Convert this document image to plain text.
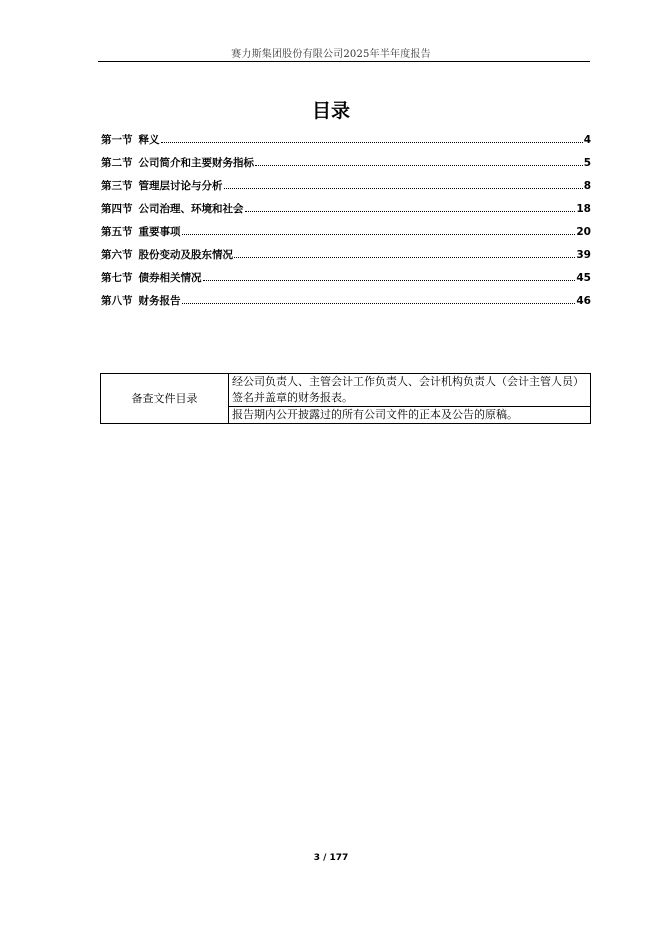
赛力斯集团股份有限公司2025年半年度报告
目录
第一节 释义	4
第二节 公司简介和主要财务指标	5
第三节 管理层讨论与分析	8
第四节 公司治理、环境和社会	18
第五节 重要事项	20
第六节 股份变动及股东情况	39
第七节 债券相关情况	45
第八节 财务报告	46
备查文件目录	经公司负责人、主管会计工作负责人、会计机构负责人（会计主管人员）签名并盖章的财务报表。
报告期内公开披露过的所有公司文件的正本及公告的原稿。
3 / 177
